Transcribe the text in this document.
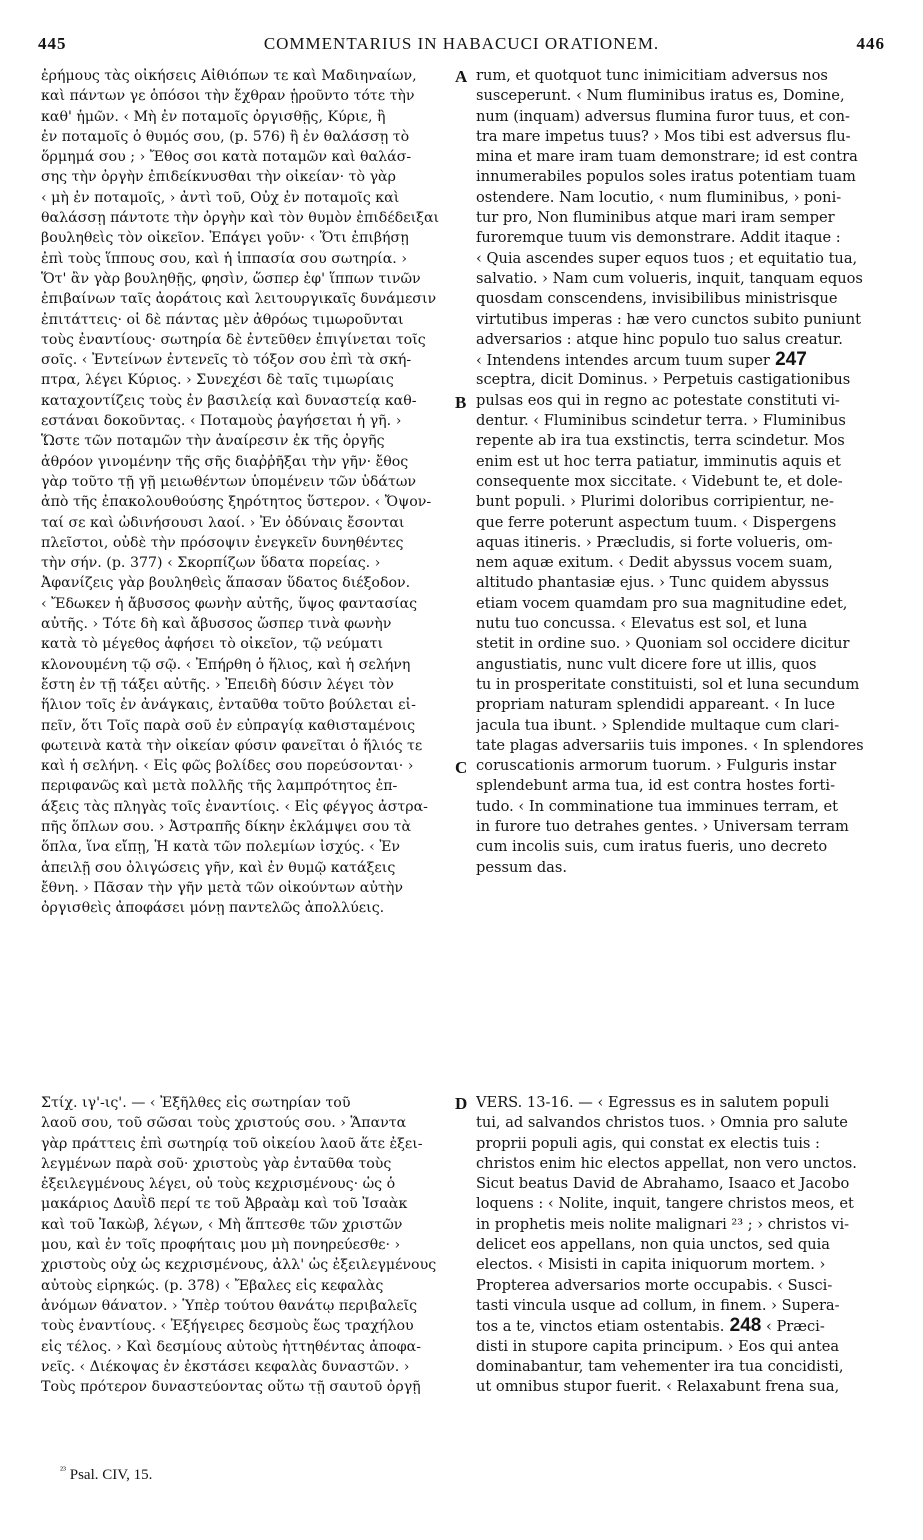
445	COMMENTARIUS IN HABACUCI ORATIONEM.	446
ἐρήμους τὰς οἰκήσεις Αἰθιόπων τε καὶ Μαδιηναίων,
καὶ πάντων γε ὁπόσοι τὴν ἔχθραν ᾑροῦντο τότε τὴν
καθ' ἡμῶν. ‹ Μὴ ἐν ποταμοῖς ὀργισθῇς, Κύριε, ἢ
ἐν ποταμοῖς ὁ θυμός σου, (p. 576) ἢ ἐν θαλάσσῃ τὸ
ὅρμημά σου ; › Ἔθος σοι κατὰ ποταμῶν καὶ θαλάσ-
σης τὴν ὀργὴν ἐπιδείκνυσθαι τὴν οἰκείαν· τὸ γὰρ
‹ μὴ ἐν ποταμοῖς, › ἀντὶ τοῦ, Οὐχ ἐν ποταμοῖς καὶ
θαλάσσῃ πάντοτε τὴν ὀργὴν καὶ τὸν θυμὸν ἐπιδέδειξαι
βουληθεὶς τὸν οἰκεῖον. Ἐπάγει γοῦν· ‹ Ὅτι ἐπιβήσῃ
ἐπὶ τοὺς ἵππους σου, καὶ ἡ ἱππασία σου σωτηρία. ›
Ὅτ' ἂν γὰρ βουληθῇς, φησὶν, ὥσπερ ἐφ' ἵππων τινῶν
ἐπιβαίνων ταῖς ἀοράτοις καὶ λειτουργικαῖς δυνάμεσιν
ἐπιτάττεις· οἱ δὲ πάντας μὲν ἀθρόως τιμωροῦνται
τοὺς ἐναντίους· σωτηρία δὲ ἐντεῦθεν ἐπιγίνεται τοῖς
σοῖς. ‹ Ἐντείνων ἐντενεῖς τὸ τόξον σου ἐπὶ τὰ σκή-
πτρα, λέγει Κύριος. › Συνεχέσι δὲ ταῖς τιμωρίαις
καταχοντίζεις τοὺς ἐν βασιλείᾳ καὶ δυναστείᾳ καθ-
εστάναι δοκοῦντας. ‹ Ποταμοὺς ῥαγήσεται ἡ γῆ. ›
Ὥστε τῶν ποταμῶν τὴν ἀναίρεσιν ἐκ τῆς ὀργῆς
ἀθρόον γινομένην τῆς σῆς διαῤῥῆξαι τὴν γῆν· ἔθος
γὰρ τοῦτο τῇ γῇ μειωθέντων ὑπομένειν τῶν ὑδάτων
ἀπὸ τῆς ἐπακολουθούσης ξηρότητος ὕστερον. ‹ Ὄψον-
ταί σε καὶ ὠδινήσουσι λαοί. › Ἐν ὀδύναις ἔσονται
πλεῖστοι, οὐδὲ τὴν πρόσοψιν ἐνεγκεῖν δυνηθέντες
τὴν σήν. (p. 377) ‹ Σκορπίζων ὕδατα πορείας. ›
Ἀφανίζεις γὰρ βουληθεὶς ἅπασαν ὕδατος διέξοδον.
‹ Ἔδωκεν ἡ ἄβυσσος φωνὴν αὐτῆς, ὕψος φαντασίας
αὐτῆς. › Τότε δὴ καὶ ἄβυσσος ὥσπερ τινὰ φωνὴν
κατὰ τὸ μέγεθος ἀφήσει τὸ οἰκεῖον, τῷ νεύματι
κλονουμένη τῷ σῷ. ‹ Ἐπήρθη ὁ ἥλιος, καὶ ἡ σελήνη
ἔστη ἐν τῇ τάξει αὐτῆς. › Ἐπειδὴ δύσιν λέγει τὸν
ἥλιον τοῖς ἐν ἀνάγκαις, ἐνταῦθα τοῦτο βούλεται εἰ-
πεῖν, ὅτι Τοῖς παρὰ σοῦ ἐν εὐπραγίᾳ καθισταμένοις
φωτεινὰ κατὰ τὴν οἰκείαν φύσιν φανεῖται ὁ ἥλιός τε
καὶ ἡ σελήνη. ‹ Εἰς φῶς βολίδες σου πορεύσονται· ›
περιφανῶς καὶ μετὰ πολλῆς τῆς λαμπρότητος ἐπ-
άξεις τὰς πληγὰς τοῖς ἐναντίοις. ‹ Εἰς φέγγος ἀστρα-
πῆς ὅπλων σου. › Ἀστραπῆς δίκην ἐκλάμψει σου τὰ
ὅπλα, ἵνα εἴπῃ, Ἡ κατὰ τῶν πολεμίων ἰσχύς. ‹ Ἐν
ἀπειλῇ σου ὀλιγώσεις γῆν, καὶ ἐν θυμῷ κατάξεις
ἔθνη. › Πᾶσαν τὴν γῆν μετὰ τῶν οἰκούντων αὐτὴν
ὀργισθεὶς ἀποφάσει μόνῃ παντελῶς ἀπολλύεις.
rum, et quotquot tunc inimicitiam adversus nos
susceperunt. ‹ Num fluminibus iratus es, Domine,
num (inquam) adversus flumina furor tuus, et con-
tra mare impetus tuus? › Mos tibi est adversus flu-
mina et mare iram tuam demonstrare; id est contra
innumerabiles populos soles iratus potentiam tuam
ostendere. Nam locutio, ‹ num fluminibus, › poni-
tur pro, Non fluminibus atque mari iram semper
furoremque tuum vis demonstrare. Addit itaque :
‹ Quia ascendes super equos tuos ; et equitatio tua,
salvatio. › Nam cum volueris, inquit, tanquam equos
quosdam conscendens, invisibilibus ministrisque
virtutibus imperas : hæ vero cunctos subito puniunt
adversarios : atque hinc populo tuo salus creatur.
‹ Intendens intendes arcum tuum super 247
sceptra, dicit Dominus. › Perpetuis castigationibus
pulsas eos qui in regno ac potestate constituti vi-
dentur. ‹ Fluminibus scindetur terra. › Fluminibus
repente ab ira tua exstinctis, terra scindetur. Mos
enim est ut hoc terra patiatur, imminutis aquis et
consequente mox siccitate. ‹ Videbunt te, et dole-
bunt populi. › Plurimi doloribus corripientur, ne-
que ferre poterunt aspectum tuum. ‹ Dispergens
aquas itineris. › Præcludis, si forte volueris, om-
nem aquæ exitum. ‹ Dedit abyssus vocem suam,
altitudo phantasiæ ejus. › Tunc quidem abyssus
etiam vocem quamdam pro sua magnitudine edet,
nutu tuo concussa. ‹ Elevatus est sol, et luna
stetit in ordine suo. › Quoniam sol occidere dicitur
angustiatis, nunc vult dicere fore ut illis, quos
tu in prosperitate constituisti, sol et luna secundum
propriam naturam splendidi appareant. ‹ In luce
jacula tua ibunt. › Splendide multaque cum clari-
tate plagas adversariis tuis impones. ‹ In splendores
coruscationis armorum tuorum. › Fulguris instar
splendebunt arma tua, id est contra hostes forti-
tudo. ‹ In comminatione tua imminues terram, et
in furore tuo detrahes gentes. › Universam terram
cum incolis suis, cum iratus fueris, uno decreto
pessum das.
A
B
C
D
Στίχ. ιγ'-ις'. — ‹ Ἐξῆλθες εἰς σωτηρίαν τοῦ
λαοῦ σου, τοῦ σῶσαι τοὺς χριστούς σου. › Ἅπαντα
γὰρ πράττεις ἐπὶ σωτηρίᾳ τοῦ οἰκείου λαοῦ ἅτε ἐξει-
λεγμένων παρὰ σοῦ· χριστοὺς γὰρ ἐνταῦθα τοὺς
ἐξειλεγμένους λέγει, οὐ τοὺς κεχρισμένους· ὡς ὁ
μακάριος Δαυῒδ περί τε τοῦ Ἀβραὰμ καὶ τοῦ Ἰσαὰκ
καὶ τοῦ Ἰακὼβ, λέγων, ‹ Μὴ ἅπτεσθε τῶν χριστῶν
μου, καὶ ἐν τοῖς προφήταις μου μὴ πονηρεύεσθε· ›
χριστοὺς οὐχ ὡς κεχρισμένους, ἀλλ' ὡς ἐξειλεγμένους
αὐτοὺς εἰρηκώς. (p. 378) ‹ Ἔβαλες εἰς κεφαλὰς
ἀνόμων θάνατον. › Ὑπὲρ τούτου θανάτῳ περιβαλεῖς
τοὺς ἐναντίους. ‹ Ἐξήγειρες δεσμοὺς ἕως τραχήλου
εἰς τέλος. › Καὶ δεσμίους αὐτοὺς ἡττηθέντας ἀποφα-
νεῖς. ‹ Διέκοψας ἐν ἐκστάσει κεφαλὰς δυναστῶν. ›
Τοὺς πρότερον δυναστεύοντας οὕτω τῇ σαυτοῦ ὀργῇ
VERS. 13-16. — ‹ Egressus es in salutem populi
tui, ad salvandos christos tuos. › Omnia pro salute
proprii populi agis, qui constat ex electis tuis :
christos enim hic electos appellat, non vero unctos.
Sicut beatus David de Abrahamo, Isaaco et Jacobo
loquens : ‹ Nolite, inquit, tangere christos meos, et
in prophetis meis nolite malignari ²³ ; › christos vi-
delicet eos appellans, non quia unctos, sed quia
electos. ‹ Misisti in capita iniquorum mortem. ›
Propterea adversarios morte occupabis. ‹ Susci-
tasti vincula usque ad collum, in finem. › Supera-
tos a te, vinctos etiam ostentabis. 248 ‹ Præci-
disti in stupore capita principum. › Eos qui antea
dominabantur, tam vehementer ira tua concidisti,
ut omnibus stupor fuerit. ‹ Relaxabunt frena sua,
$^{^{23}}$ Psal. CIV, 15.
